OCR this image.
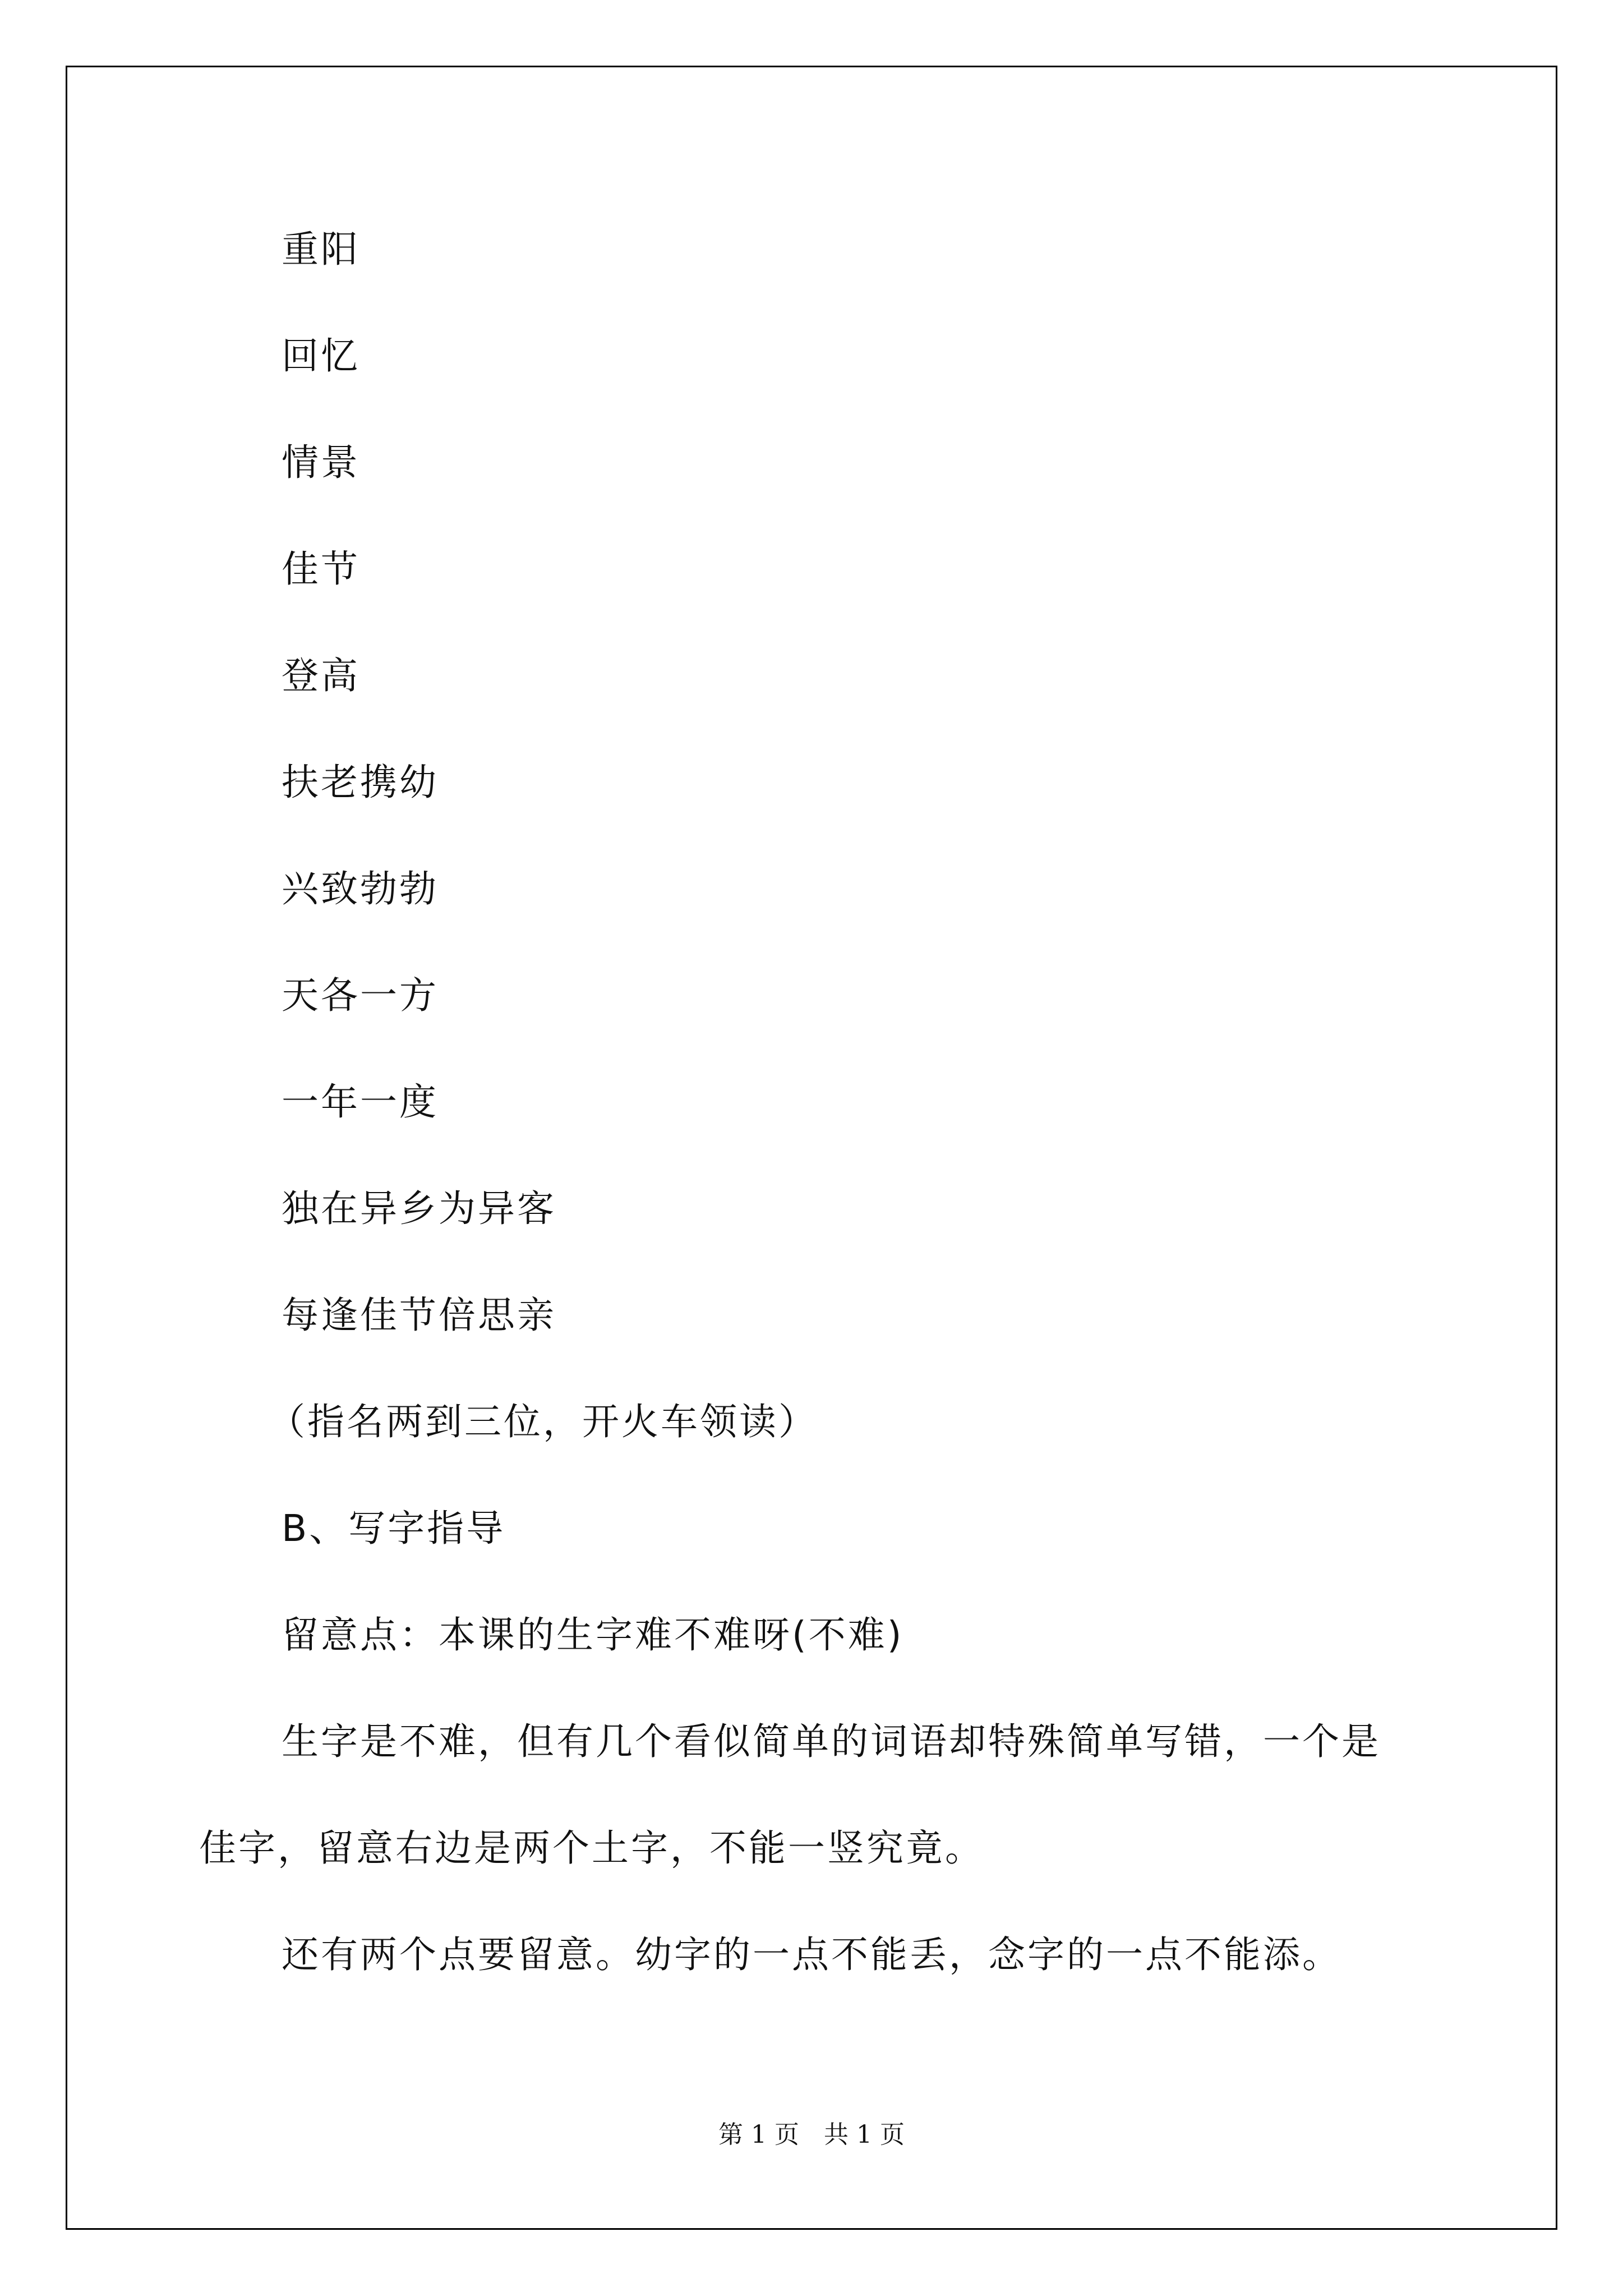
重阳
回忆
情景
佳节
登高
扶老携幼
兴致勃勃
天各一方
一年一度
独在异乡为异客
每逢佳节倍思亲
（指名两到三位，开火车领读）
B、写字指导
留意点：本课的生字难不难呀(不难)
生字是不难，但有几个看似简单的词语却特殊简单写错，一个是
佳字，留意右边是两个土字，不能一竖究竟。
还有两个点要留意。幼字的一点不能丢，念字的一点不能添。
第 1 页　共 1 页
